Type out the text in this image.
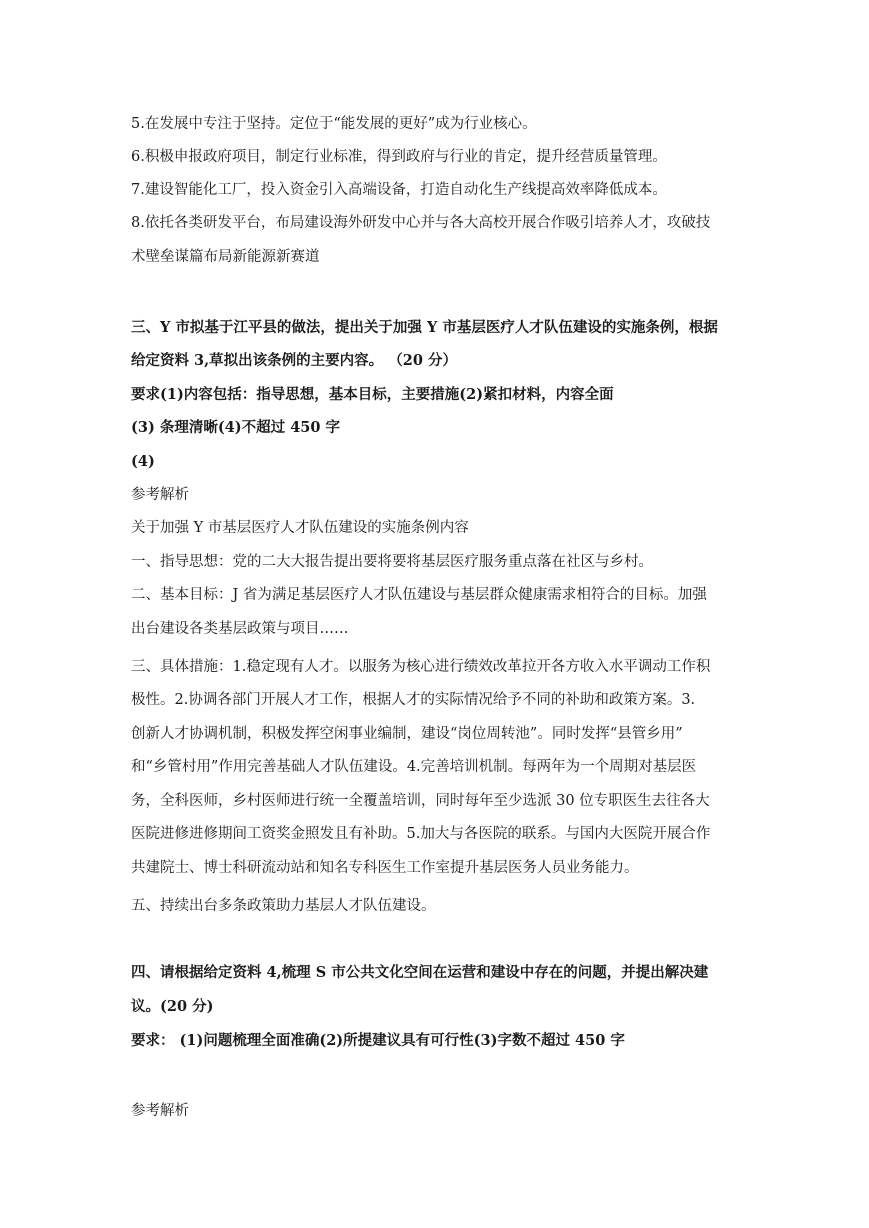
5.在发展中专注于坚持。定位于“能发展的更好”成为行业核心。
6.积极申报政府项目，制定行业标准，得到政府与行业的肯定，提升经营质量管理。
7.建设智能化工厂，投入资金引入高端设备，打造自动化生产线提高效率降低成本。
8.依托各类研发平台，布局建设海外研发中心并与各大高校开展合作吸引培养人才，攻破技
术壁垒谋篇布局新能源新赛道
三、Y 市拟基于江平县的做法，提出关于加强 Y 市基层医疗人才队伍建设的实施条例，根据
给定资料 3,草拟出该条例的主要内容。 （20 分）
要求(1)内容包括：指导思想，基本目标，主要措施(2)紧扣材料，内容全面
(3) 条理清晰(4)不超过 450 字
(4)
参考解析
关于加强 Y 市基层医疗人才队伍建设的实施条例内容
一、指导思想：党的二大大报告提出要将要将基层医疗服务重点落在社区与乡村。
二、基本目标：J 省为满足基层医疗人才队伍建设与基层群众健康需求相符合的目标。加强
出台建设各类基层政策与项目……
三、具体措施：1.稳定现有人才。以服务为核心进行绩效改革拉开各方收入水平调动工作积
极性。2.协调各部门开展人才工作，根据人才的实际情况给予不同的补助和政策方案。3.
创新人才协调机制，积极发挥空闲事业编制，建设“岗位周转池”。同时发挥“县管乡用”
和“乡管村用”作用完善基础人才队伍建设。4.完善培训机制。每两年为一个周期对基层医
务，全科医师，乡村医师进行统一全覆盖培训，同时每年至少选派 30 位专职医生去往各大
医院进修进修期间工资奖金照发且有补助。5.加大与各医院的联系。与国内大医院开展合作
共建院士、博士科研流动站和知名专科医生工作室提升基层医务人员业务能力。
五、持续出台多条政策助力基层人才队伍建设。
四、请根据给定资料 4,梳理 S 市公共文化空间在运营和建设中存在的问题，并提出解决建
议。(20 分)
要求： (1)问题梳理全面准确(2)所提建议具有可行性(3)字数不超过 450 字
参考解析
